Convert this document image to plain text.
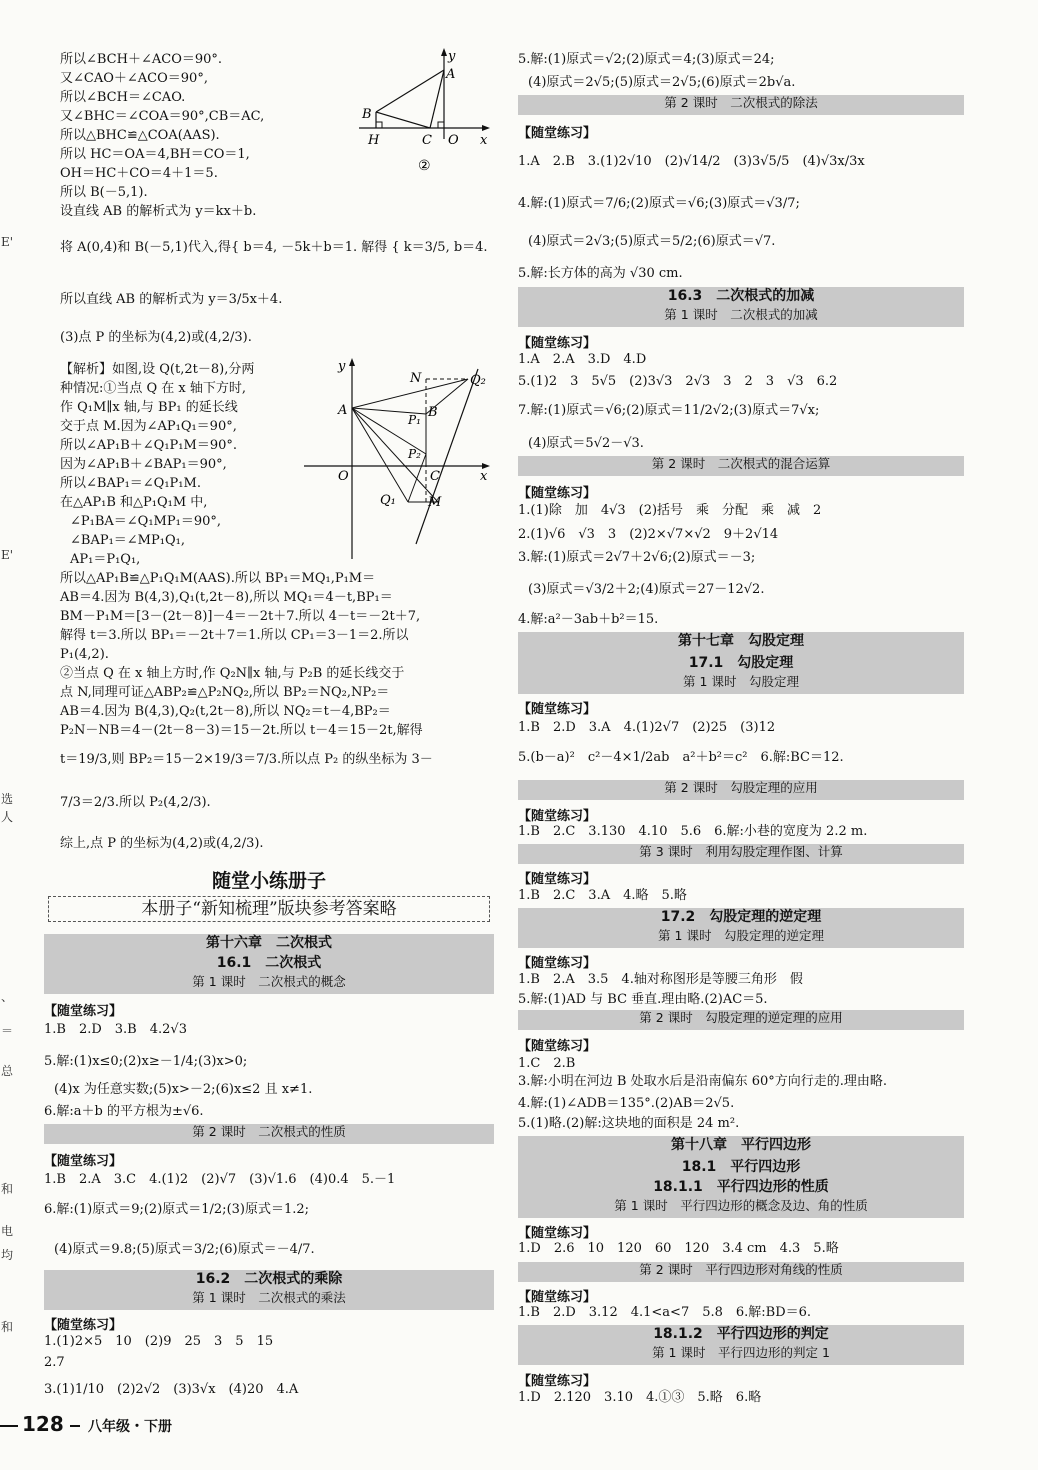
E'
E'
选
人
、
＝
总
和
电
均
和
所以∠BCH＋∠ACO＝90°.
又∠CAO＋∠ACO＝90°,
所以∠BCH＝∠CAO.
又∠BHC＝∠COA＝90°,CB＝AC,
所以△BHC≌△COA(AAS).
所以 HC＝OA＝4,BH＝CO＝1,
OH＝HC＋CO＝4＋1＝5.
所以 B(－5,1).
设直线 AB 的解析式为 y＝kx＋b.
将 A(0,4)和 B(－5,1)代入,得{ b＝4, －5k＋b＝1. 解得 { k＝3/5, b＝4.
所以直线 AB 的解析式为 y＝3/5x＋4.
(3)点 P 的坐标为(4,2)或(4,2/3).
y
A
B
H	C O x
②
【解析】如图,设 Q(t,2t－8),分两
种情况:①当点 Q 在 x 轴下方时,
作 Q₁M∥x 轴,与 BP₁ 的延长线
交于点 M.因为∠AP₁Q₁＝90°,
所以∠AP₁B＋∠Q₁P₁M＝90°.
因为∠AP₁B＋∠BAP₁＝90°,
所以∠BAP₁＝∠Q₁P₁M.
在△AP₁B 和△P₁Q₁M 中,
∠P₁BA＝∠Q₁MP₁＝90°,
∠BAP₁＝∠MP₁Q₁,
AP₁＝P₁Q₁,
所以△AP₁B≌△P₁Q₁M(AAS).所以 BP₁＝MQ₁,P₁M＝
AB＝4.因为 B(4,3),Q₁(t,2t－8),所以 MQ₁＝4－t,BP₁＝
BM－P₁M＝[3－(2t－8)]－4＝－2t＋7.所以 4－t＝－2t＋7,
解得 t＝3.所以 BP₁＝－2t＋7＝1.所以 CP₁＝3－1＝2.所以
P₁(4,2).
②当点 Q 在 x 轴上方时,作 Q₂N∥x 轴,与 P₂B 的延长线交于
点 N,同理可证△ABP₂≌△P₂NQ₂,所以 BP₂＝NQ₂,NP₂＝
AB＝4.因为 B(4,3),Q₂(t,2t－8),所以 NQ₂＝t－4,BP₂＝
P₂N－NB＝4－(2t－8－3)＝15－2t.所以 t－4＝15－2t,解得
t＝19/3,则 BP₂＝15－2×19/3＝7/3.所以点 P₂ 的纵坐标为 3－
7/3＝2/3.所以 P₂(4,2/3).
综上,点 P 的坐标为(4,2)或(4,2/3).
y
N	Q₂
A	B
P₁
P₂
O	C	x
Q₁ M
随堂小练册子
本册子“新知梳理”版块参考答案略
第十六章　二次根式
16.1　二次根式
第 1 课时　二次根式的概念
【随堂练习】
1.B　2.D　3.B　4.2√3
5.解:(1)x≤0;(2)x≥－1/4;(3)x>0;
(4)x 为任意实数;(5)x>－2;(6)x≤2 且 x≠1.
6.解:a＋b 的平方根为±√6.
第 2 课时　二次根式的性质
【随堂练习】
1.B　2.A　3.C　4.(1)2　(2)√7　(3)√1.6　(4)0.4　5.－1
6.解:(1)原式＝9;(2)原式＝1/2;(3)原式＝1.2;
(4)原式＝9.8;(5)原式＝3/2;(6)原式＝－4/7.
16.2　二次根式的乘除
第 1 课时　二次根式的乘法
【随堂练习】
1.(1)2×5　10　(2)9　25　3　5　15
2.7
3.(1)1/10　(2)2√2　(3)3√x　(4)20　4.A
5.解:(1)原式＝√2;(2)原式＝4;(3)原式＝24;
(4)原式＝2√5;(5)原式＝2√5;(6)原式＝2b√a.
第 2 课时　二次根式的除法
【随堂练习】
1.A　2.B　3.(1)2√10　(2)√14/2　(3)3√5/5　(4)√3x/3x
4.解:(1)原式＝7/6;(2)原式＝√6;(3)原式＝√3/7;
(4)原式＝2√3;(5)原式＝5/2;(6)原式＝√7.
5.解:长方体的高为 √30 cm.
16.3　二次根式的加减
第 1 课时　二次根式的加减
【随堂练习】
1.A　2.A　3.D　4.D
5.(1)2　3　5√5　(2)3√3　2√3　3　2　3　√3　6.2
7.解:(1)原式＝√6;(2)原式＝11/2√2;(3)原式＝7√x;
(4)原式＝5√2－√3.
第 2 课时　二次根式的混合运算
【随堂练习】
1.(1)除　加　4√3　(2)括号　乘　分配　乘　减　2
2.(1)√6　√3　3　(2)2×√7×√2　9＋2√14
3.解:(1)原式＝2√7＋2√6;(2)原式＝－3;
(3)原式＝√3/2＋2;(4)原式＝27－12√2.
4.解:a²－3ab＋b²＝15.
第十七章　勾股定理
17.1　勾股定理
第 1 课时　勾股定理
【随堂练习】
1.B　2.D　3.A　4.(1)2√7　(2)25　(3)12
5.(b－a)²　c²－4×1/2ab　a²＋b²＝c²　6.解:BC＝12.
第 2 课时　勾股定理的应用
【随堂练习】
1.B　2.C　3.130　4.10　5.6　6.解:小巷的宽度为 2.2 m.
第 3 课时　利用勾股定理作图、计算
【随堂练习】
1.B　2.C　3.A　4.略　5.略
17.2　勾股定理的逆定理
第 1 课时　勾股定理的逆定理
【随堂练习】
1.B　2.A　3.5　4.轴对称图形是等腰三角形　假
5.解:(1)AD 与 BC 垂直.理由略.(2)AC＝5.
第 2 课时　勾股定理的逆定理的应用
【随堂练习】
1.C　2.B
3.解:小明在河边 B 处取水后是沿南偏东 60°方向行走的.理由略.
4.解:(1)∠ADB＝135°.(2)AB＝2√5.
5.(1)略.(2)解:这块地的面积是 24 m².
第十八章　平行四边形
18.1　平行四边形
18.1.1　平行四边形的性质
第 1 课时　平行四边形的概念及边、角的性质
【随堂练习】
1.D　2.6　10　120　60　120　3.4 cm　4.3　5.略
第 2 课时　平行四边形对角线的性质
【随堂练习】
1.B　2.D　3.12　4.1<a<7　5.8　6.解:BD＝6.
18.1.2　平行四边形的判定
第 1 课时　平行四边形的判定 1
【随堂练习】
1.D　2.120　3.10　4.①③　5.略　6.略
128 八年级・下册
